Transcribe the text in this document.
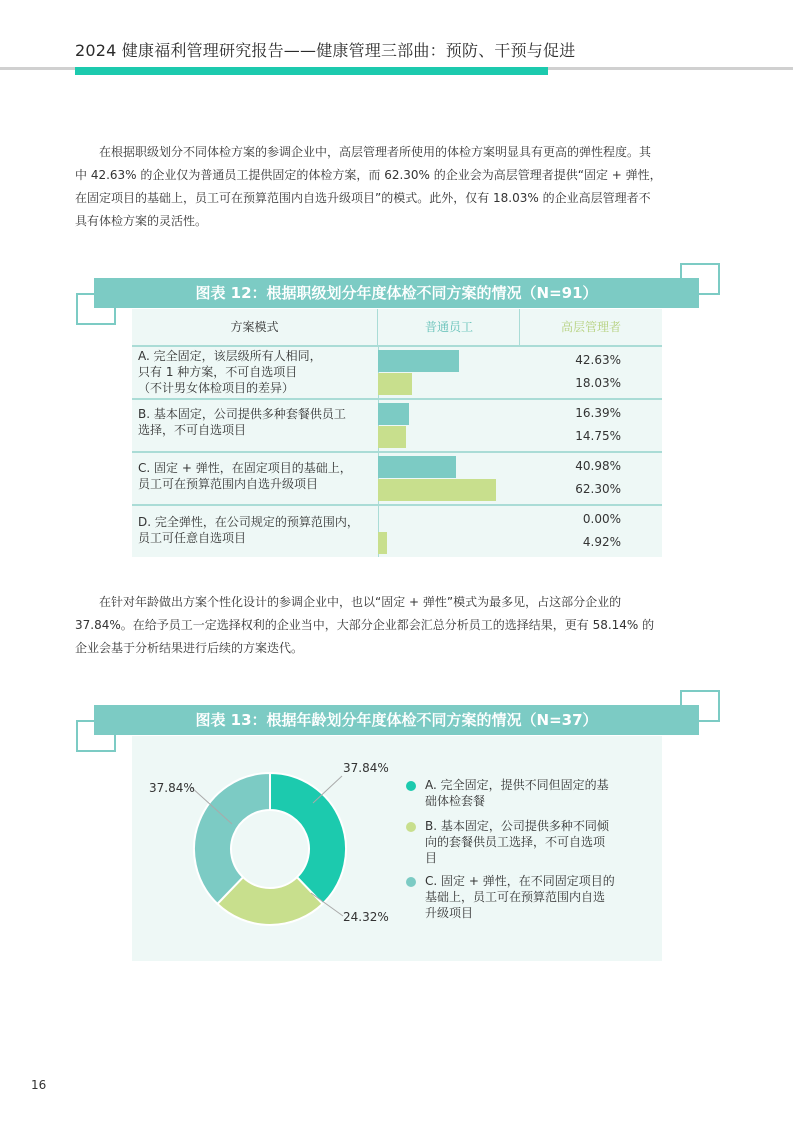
2024 健康福利管理研究报告——健康管理三部曲：预防、干预与促进
在根据职级划分不同体检方案的参调企业中，高层管理者所使用的体检方案明显具有更高的弹性程度。其
中 42.63% 的企业仅为普通员工提供固定的体检方案，而 62.30% 的企业会为高层管理者提供“固定 + 弹性，
在固定项目的基础上，员工可在预算范围内自选升级项目”的模式。此外，仅有 18.03% 的企业高层管理者不
具有体检方案的灵活性。
图表 12：根据职级划分年度体检不同方案的情况（N=91）
方案模式	普通员工	高层管理者
A. 完全固定，该层级所有人相同，
只有 1 种方案，不可自选项目
（不计男女体检项目的差异）
B. 基本固定，公司提供多种套餐供员工
选择，不可自选项目
C. 固定 + 弹性，在固定项目的基础上，
员工可在预算范围内自选升级项目
D. 完全弹性，在公司规定的预算范围内，
员工可任意自选项目
42.63%
18.03%
16.39%
14.75%
40.98%
62.30%
0.00%
4.92%
在针对年龄做出方案个性化设计的参调企业中，也以“固定 + 弹性”模式为最多见，占这部分企业的
37.84%。在给予员工一定选择权利的企业当中，大部分企业都会汇总分析员工的选择结果，更有 58.14% 的
企业会基于分析结果进行后续的方案迭代。
图表 13：根据年龄划分年度体检不同方案的情况（N=37）
37.84%
37.84%
24.32%
A. 完全固定，提供不同但固定的基
础体检套餐
B. 基本固定，公司提供多种不同倾
向的套餐供员工选择，不可自选项
目
C. 固定 + 弹性，在不同固定项目的
基础上，员工可在预算范围内自选
升级项目
16
